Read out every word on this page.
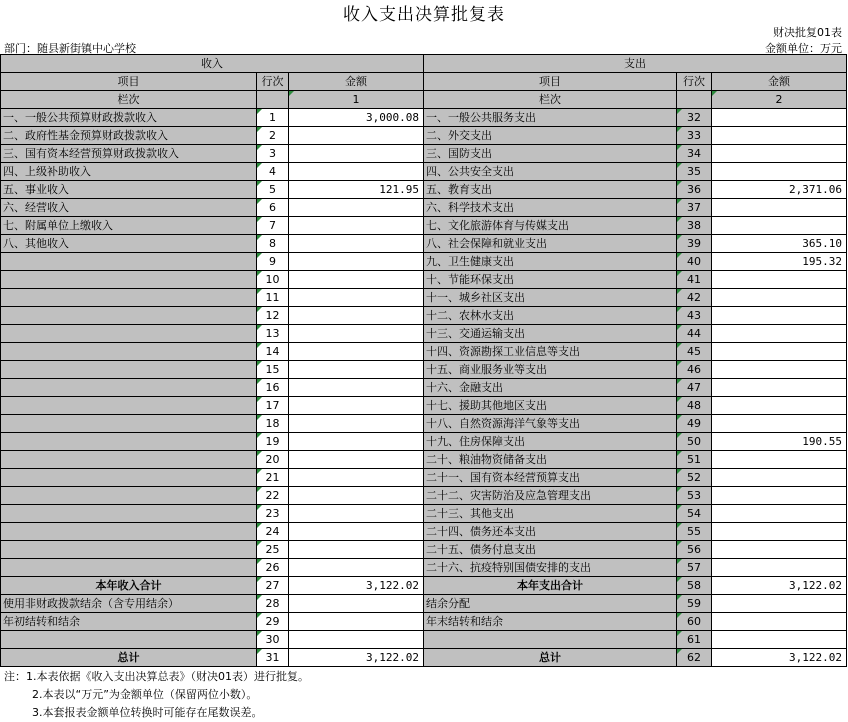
收入支出决算批复表
财决批复01表
部门：随县新街镇中心学校	金额单位：万元
收入			支出		
项目	行次	金额	项目	行次	金额
栏次		1	栏次		2
一、一般公共预算财政拨款收入	1	3,000.08	一、一般公共服务支出	32	
二、政府性基金预算财政拨款收入	2		二、外交支出	33	
三、国有资本经营预算财政拨款收入	3		三、国防支出	34	
四、上级补助收入	4		四、公共安全支出	35	
五、事业收入	5	121.95	五、教育支出	36	2,371.06
六、经营收入	6		六、科学技术支出	37	
七、附属单位上缴收入	7		七、文化旅游体育与传媒支出	38	
八、其他收入	8		八、社会保障和就业支出	39	365.10
	9		九、卫生健康支出	40	195.32
	10		十、节能环保支出	41	
	11		十一、城乡社区支出	42	
	12		十二、农林水支出	43	
	13		十三、交通运输支出	44	
	14		十四、资源勘探工业信息等支出	45	
	15		十五、商业服务业等支出	46	
	16		十六、金融支出	47	
	17		十七、援助其他地区支出	48	
	18		十八、自然资源海洋气象等支出	49	
	19		十九、住房保障支出	50	190.55
	20		二十、粮油物资储备支出	51	
	21		二十一、国有资本经营预算支出	52	
	22		二十二、灾害防治及应急管理支出	53	
	23		二十三、其他支出	54	
	24		二十四、债务还本支出	55	
	25		二十五、债务付息支出	56	
	26		二十六、抗疫特别国债安排的支出	57	
本年收入合计	27	3,122.02	本年支出合计	58	3,122.02
使用非财政拨款结余（含专用结余）	28		结余分配	59	
年初结转和结余	29		年末结转和结余	60	
	30			61	
总计	31	3,122.02	总计	62	3,122.02
注：1.本表依据《收入支出决算总表》（财决01表）进行批复。
2.本表以“万元”为金额单位（保留两位小数）。
3.本套报表金额单位转换时可能存在尾数误差。
